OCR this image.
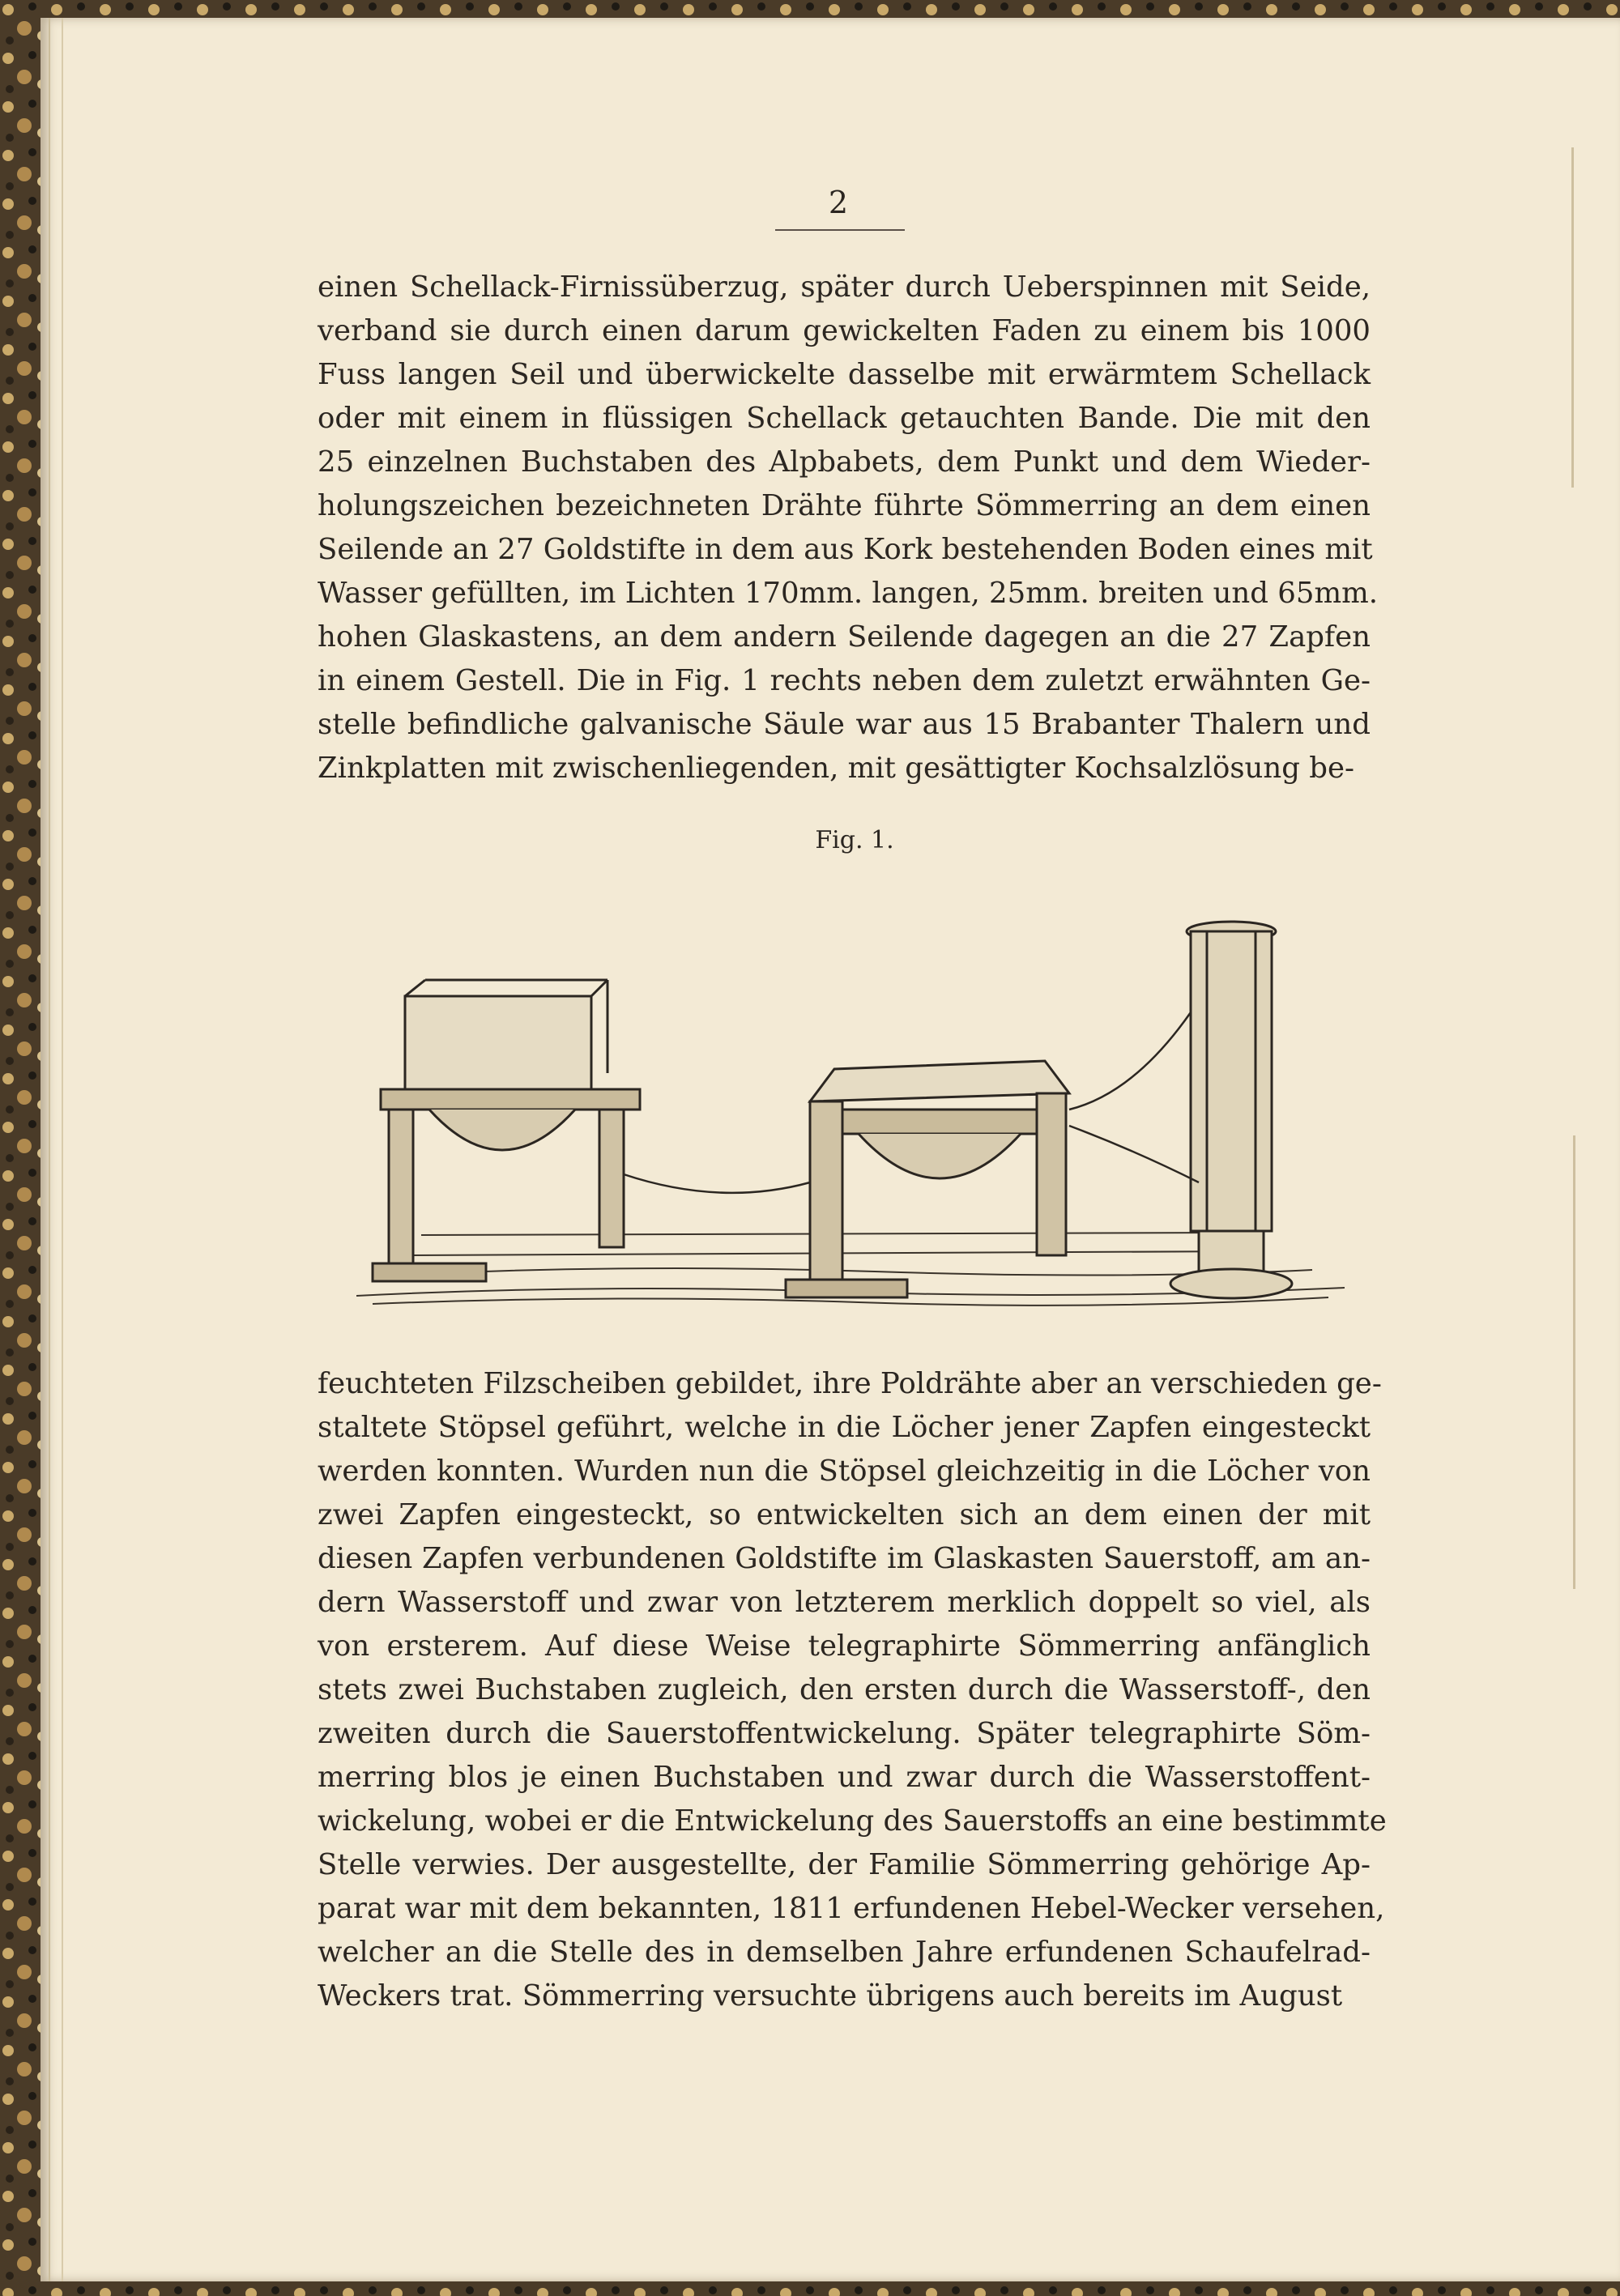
2
einen Schellack-Firnissüberzug, später durch Ueberspinnen mit Seide,
verband sie durch einen darum gewickelten Faden zu einem bis 1000
Fuss langen Seil und überwickelte dasselbe mit erwärmtem Schellack
oder mit einem in flüssigen Schellack getauchten Bande. Die mit den
25 einzelnen Buchstaben des Alpbabets, dem Punkt und dem Wieder-
holungszeichen bezeichneten Drähte führte Sömmerring an dem einen
Seilende an 27 Goldstifte in dem aus Kork bestehenden Boden eines mit
Wasser gefüllten, im Lichten 170mm. langen, 25mm. breiten und 65mm.
hohen Glaskastens, an dem andern Seilende dagegen an die 27 Zapfen
in einem Gestell. Die in Fig. 1 rechts neben dem zuletzt erwähnten Ge-
stelle befindliche galvanische Säule war aus 15 Brabanter Thalern und
Zinkplatten mit zwischenliegenden, mit gesättigter Kochsalzlösung be-
Fig. 1.
feuchteten Filzscheiben gebildet, ihre Poldrähte aber an verschieden ge-
staltete Stöpsel geführt, welche in die Löcher jener Zapfen eingesteckt
werden konnten. Wurden nun die Stöpsel gleichzeitig in die Löcher von
zwei Zapfen eingesteckt, so entwickelten sich an dem einen der mit
diesen Zapfen verbundenen Goldstifte im Glaskasten Sauerstoff, am an-
dern Wasserstoff und zwar von letzterem merklich doppelt so viel, als
von ersterem. Auf diese Weise telegraphirte Sömmerring anfänglich
stets zwei Buchstaben zugleich, den ersten durch die Wasserstoff-, den
zweiten durch die Sauerstoffentwickelung. Später telegraphirte Söm-
merring blos je einen Buchstaben und zwar durch die Wasserstoffent-
wickelung, wobei er die Entwickelung des Sauerstoffs an eine bestimmte
Stelle verwies. Der ausgestellte, der Familie Sömmerring gehörige Ap-
parat war mit dem bekannten, 1811 erfundenen Hebel-Wecker versehen,
welcher an die Stelle des in demselben Jahre erfundenen Schaufelrad-
Weckers trat. Sömmerring versuchte übrigens auch bereits im August
